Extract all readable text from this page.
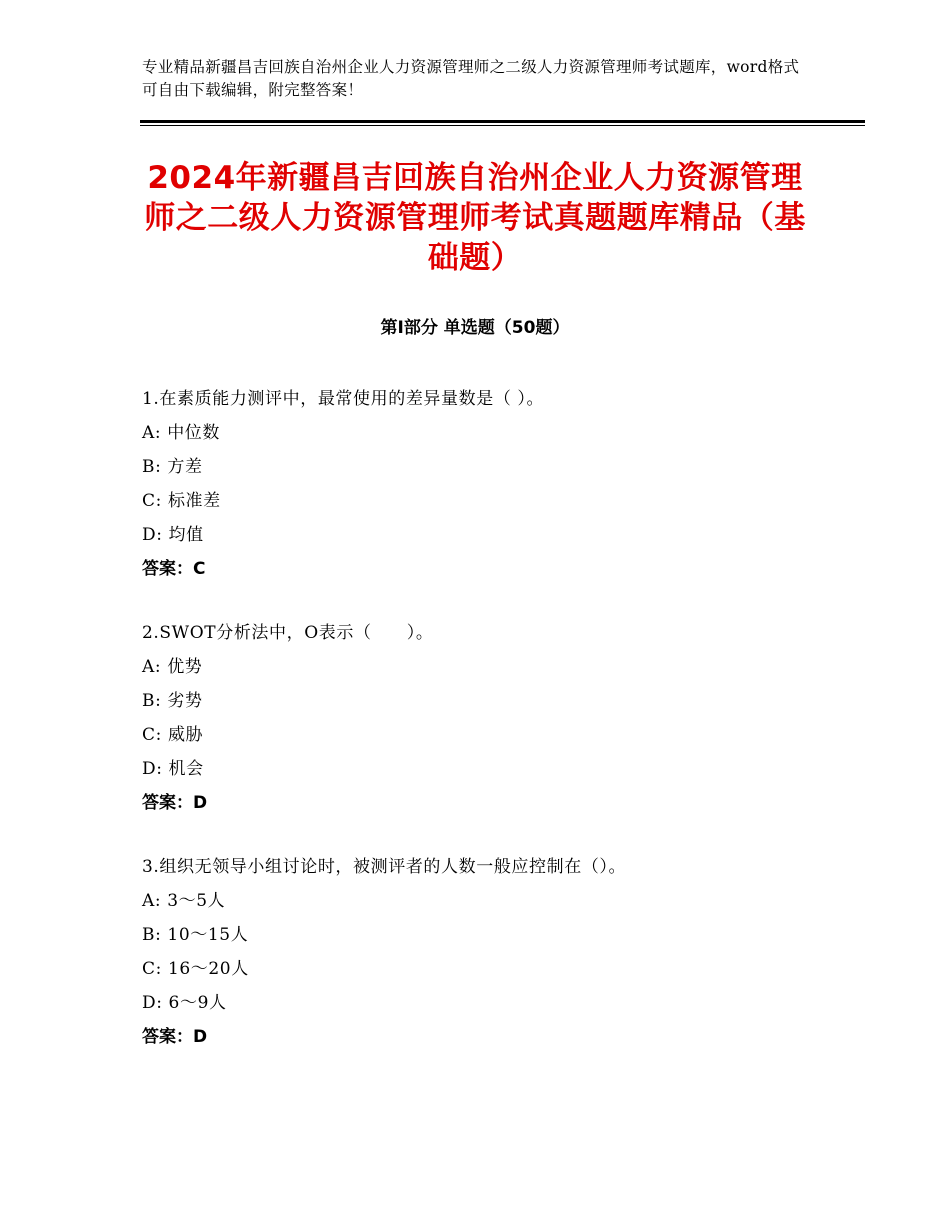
专业精品新疆昌吉回族自治州企业人力资源管理师之二级人力资源管理师考试题库，word格式可自由下载编辑，附完整答案！
2024年新疆昌吉回族自治州企业人力资源管理师之二级人力资源管理师考试真题题库精品（基础题）
第Ⅰ部分 单选题（50题）
1.在素质能力测评中，最常使用的差异量数是（ ）。
A: 中位数
B: 方差
C: 标准差
D: 均值
答案：C
2.SWOT分析法中，O表示（　　）。
A: 优势
B: 劣势
C: 威胁
D: 机会
答案：D
3.组织无领导小组讨论时，被测评者的人数一般应控制在（）。
A: 3～5人
B: 10～15人
C: 16～20人
D: 6～9人
答案：D
